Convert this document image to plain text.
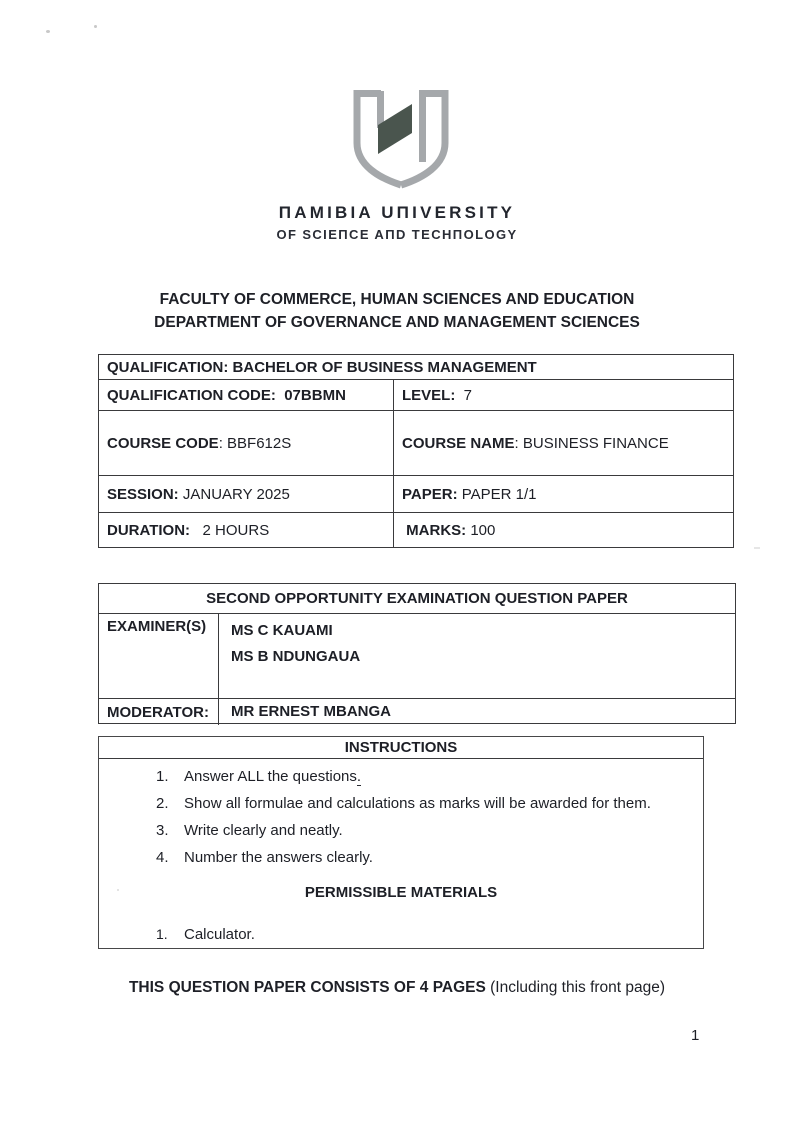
ΠAMIBIA UΠIVERSITY
OF SCIEΠCE AΠD TECHΠOLOGY
FACULTY OF COMMERCE, HUMAN SCIENCES AND EDUCATION
DEPARTMENT OF GOVERNANCE AND MANAGEMENT SCIENCES
QUALIFICATION: BACHELOR OF BUSINESS MANAGEMENT
QUALIFICATION CODE: 07BBMN	LEVEL: 7
COURSE CODE : BBF612S	COURSE NAME : BUSINESS FINANCE
SESSION: JANUARY 2025	PAPER: PAPER 1/1
DURATION: 2 HOURS	MARKS: 100
SECOND OPPORTUNITY EXAMINATION QUESTION PAPER
EXAMINER(S)	MS C KAUAMI
MS B NDUNGAUA
MODERATOR:	MR ERNEST MBANGA
INSTRUCTIONS
1.	Answer ALL the questions.
2.	Show all formulae and calculations as marks will be awarded for them.
3.	Write clearly and neatly.
4.	Number the answers clearly.
PERMISSIBLE MATERIALS
1.	Calculator.
THIS QUESTION PAPER CONSISTS OF 4 PAGES (Including this front page)
1
